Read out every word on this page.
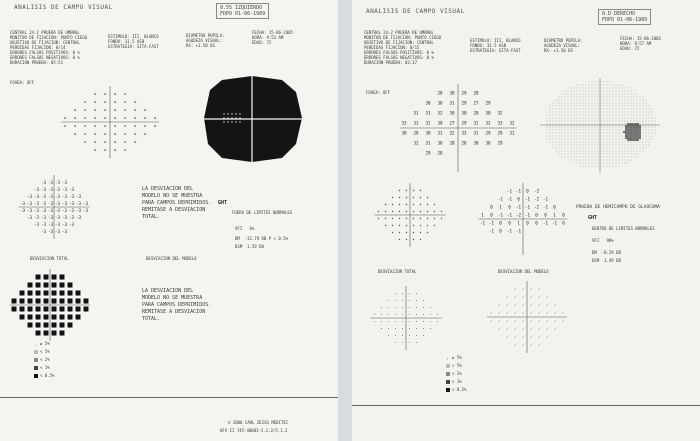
ANALISIS DE CAMPO VISUAL	0.55 IZQUIERDO
FDPO 01-06-1989
CENTRAL 24-2 PRUEBA DE UMBRAL
MONITOR DE FIJACION: PUNTO CIEGO
OBJETIVO DE FIJACION: CENTRAL
PERDIDAS FIJACION: 0/14
ERRORES FALSOS POSITIVOS: 0 %
ERRORES FALSOS NEGATIVOS: 0 %
DURACION PRUEBA: 05:51
ESTIMULO: III, BLANCO
FONDO: 31.5 ASB
ESTRATEGIA: SITA-FAST
DIAMETRO PUPILA:
AGUDEZA VISUAL:
RX: +1.50 DS
FECHA: 15-06-2005
HORA: 9:53 AM
EDAD: 72
FOVEA: OFF
< < < <
< < < < < <
< < < < < < < <
< < < < < < < < < <
< < < < < < < < < <
< < < < < < < <
< < < < < <
< < < <
-3 -3 -3 -3
-3 -3 -3 -3 -3 -3
-3 -3 -3 -3 -3 -3 -3 -3
-3 -3 -3 -3 -3 -3 -3 -3 -3 -3
-3 -3 -3 -3 -3 -3 -3 -3 -3 -3
-3 -3 -3 -3 -3 -3 -3 -3
-3 -3 -3 -3 -3 -3
-3 -3 -3 -3
LA DESVIACION DEL
MODELO NO SE MUESTRA
PARA CAMPOS DEPRIMIDOS.
REMITASE A DESVIACION
TOTAL.
GHT
FUERA DE LIMITES NORMALES
VFI 6%
DM -32.79 DB P < 0.5%
DSM 1.59 DB
DESVIACION TOTAL	DESVIACION DEL MODELO
LA DESVIACION DEL
MODELO NO SE MUESTRA
PARA CAMPOS DEPRIMIDOS.
REMITASE A DESVIACION
TOTAL.
· ≥ 5%
< 5%
< 2%
< 1%
< 0.5%
© 2000 CARL ZEISS MEDITEC
HFA II 745-40083-5.1.2/5.1.2
ANALISIS DE CAMPO VISUAL	0.D DERECHO
FDPO 01-06-1989
CENTRAL 24-2 PRUEBA DE UMBRAL
MONITOR DE FIJACION: PUNTO CIEGO
OBJETIVO DE FIJACION: CENTRAL
PERDIDAS FIJACION: 0/15
ERRORES FALSOS POSITIVOS: 0 %
ERRORES FALSOS NEGATIVOS: 0 %
DURACION PRUEBA: 03:17
ESTIMULO: III, BLANCO
FONDO: 31.5 ASB
ESTRATEGIA: SITA-FAST
DIAMETRO PUPILA:
AGUDEZA VISUAL:
RX: +1.50 DS
FECHA: 15-06-2005
HORA: 9:57 AM
EDAD: 72
FOVEA: OFF	28 30 29 28
30 30 31 29 27 29
31 31 32 30 30 28 30 32
33 31 31 30 27 29 31 32 33 32
30 28 30 31 32 33 31 29 29 31
32 31 30 28 28 30 30 29
29 28
-1 -1 0 -2
-1 -1 0 -1 -2 -1
0 1 0 -1 -1 -2 -1 0
1 0 -1 -1 -2 -1 0 0 1 0
-1 -1 0 0 1 0 0 -1 -1 0
-1 0 -1 -1
PRUEBA DE HEMICAMPO DE GLAUCOMA
GHT
DENTRO DE LIMITES NORMALES
VFI 98%
DM -0.29 DB
DSM 1.49 DB
DESVIACION TOTAL	DESVIACION DEL MODELO
· ≥ 5%
< 5%
< 2%
< 1%
< 0.5%
